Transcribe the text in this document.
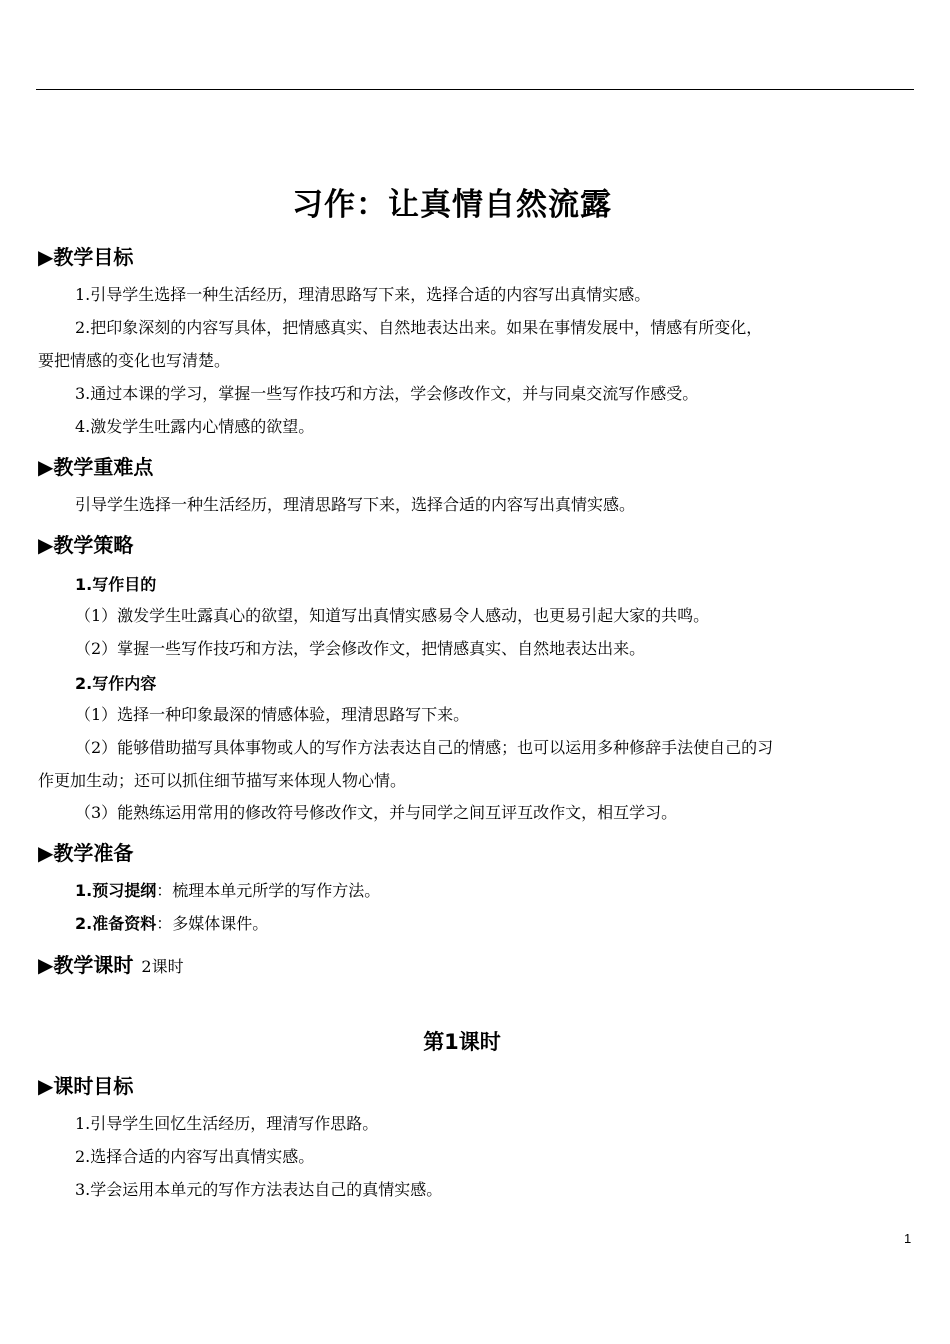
习作：让真情自然流露
▶教学目标
1.引导学生选择一种生活经历，理清思路写下来，选择合适的内容写出真情实感。
2.把印象深刻的内容写具体，把情感真实、自然地表达出来。如果在事情发展中，情感有所变化，
要把情感的变化也写清楚。
3.通过本课的学习，掌握一些写作技巧和方法，学会修改作文，并与同桌交流写作感受。
4.激发学生吐露内心情感的欲望。
▶教学重难点
引导学生选择一种生活经历，理清思路写下来，选择合适的内容写出真情实感。
▶教学策略
1.写作目的
（1）激发学生吐露真心的欲望，知道写出真情实感易令人感动，也更易引起大家的共鸣。
（2）掌握一些写作技巧和方法，学会修改作文，把情感真实、自然地表达出来。
2.写作内容
（1）选择一种印象最深的情感体验，理清思路写下来。
（2）能够借助描写具体事物或人的写作方法表达自己的情感；也可以运用多种修辞手法使自己的习
作更加生动；还可以抓住细节描写来体现人物心情。
（3）能熟练运用常用的修改符号修改作文，并与同学之间互评互改作文，相互学习。
▶教学准备
1.预习提纲：梳理本单元所学的写作方法。
2.准备资料：多媒体课件。
▶教学课时 2课时
第1课时
▶课时目标
1.引导学生回忆生活经历，理清写作思路。
2.选择合适的内容写出真情实感。
3.学会运用本单元的写作方法表达自己的真情实感。
1
